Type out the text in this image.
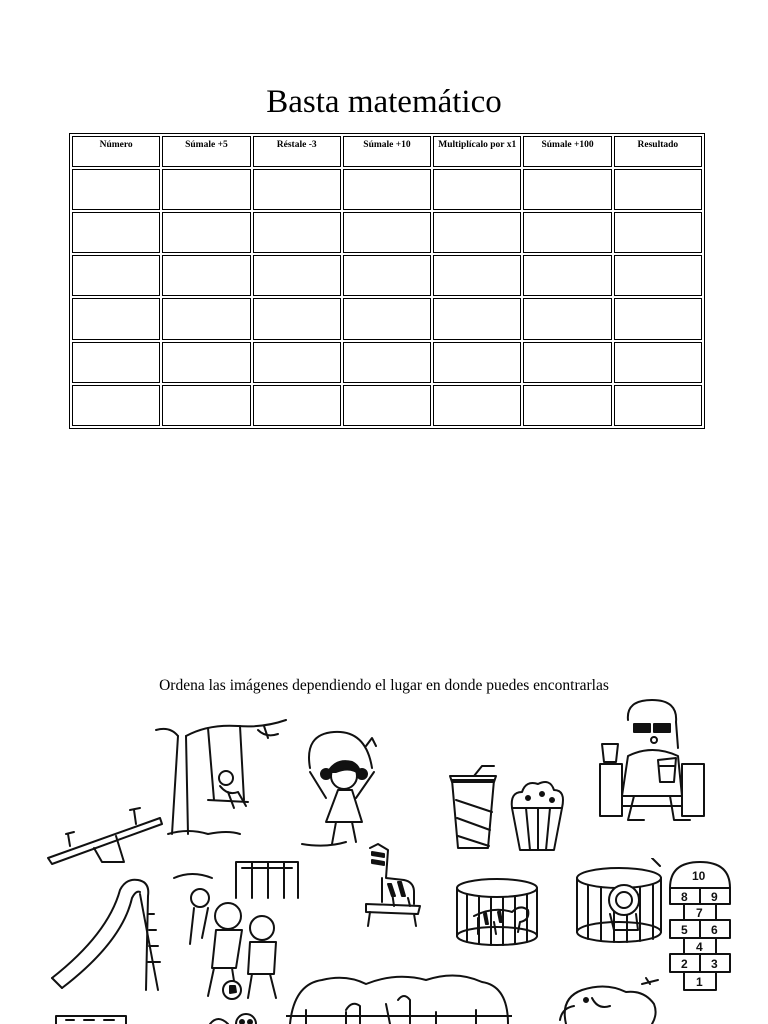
Basta matemático
Número	Súmale +5	Réstale -3	Súmale +10	Multiplícalo por x1	Súmale +100	Resultado

Ordena las imágenes dependiendo el lugar en donde puedes encontrarlas
10
8 9
7
5 6
4
2 3
1
